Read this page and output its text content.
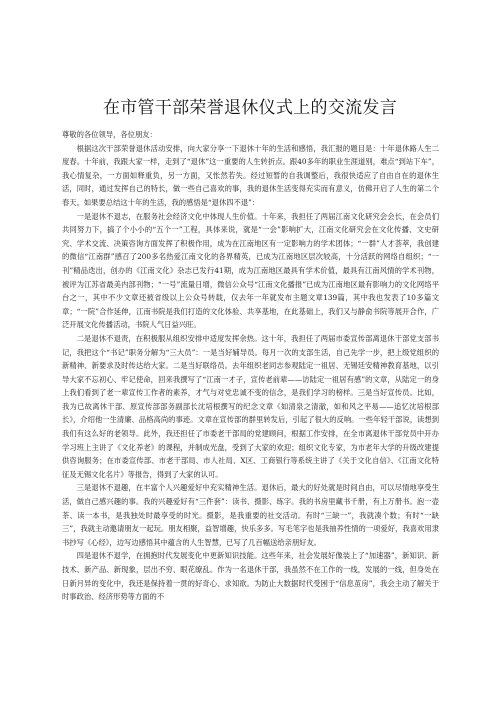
在市管干部荣誉退休仪式上的交流发言

尊敬的各位领导，各位朋友：

根据这次干部荣誉退休活动安排，向大家分享一下退休十年的生活和感悟，我汇报的题目是：十年退休路人生二度春。十年前，我跟大家一样，走到了“退休”这一重要的人生转折点。跟40多年的职业生涯道别，难点“到站下车”，我心情复杂，一方面如释重负，另一方面，又怅然若失。经过短暂的自我调整后，我很快适应了自由自在的退休生活，同时，通过发挥自己的特长，做一些自己喜欢的事，我的退休生活变得充实而有意义，仿佛开启了人生的第二个春天。如果要总结这十年的生活，我的感悟是“退休四不退”：

一是退休不退志，在服务社会经济文化中体现人生价值。十年来，我担任了两届江南文化研究会会长，在会员们共同努力下，搞了个小小的“五个一”工程，具体来说，就是“一会”影响扩大，江南文化研究会在文化传播、文史研究、学术交流、决策咨询方面发挥了积极作用，成为在江南地区有一定影响力的学术团体；“一群”人才荟萃，我创建的微信“江南群”感召了200多名热爱江南文化的各界精英，已成为江南地区层次较高，十分活跃的网络自组织；“一刊”精品迭出，创办的《江南文化》杂志已发行41期，成为江南地区最具有学术价值，最具有江南风情的学术刊物，被评为江苏省最美内部刊物；“一号”流量日增，微信公众号“江南文化播报”已成为江南地区最有影响力的文化网络平台之一，其中不少文章还被省级以上公众号转载，仅去年一年就发布主题文章139篇，其中我也发表了10多篇文章；“一院”合作延伸，江南书院是我们打造的文化体验、共享基地，在此基础上，我们又与静俞书院等展开合作，广泛开展文化传播活动，书院人气日益兴旺。

二是退休不退责，在积极服从组织安排中适度发挥余热。这十年，我担任了两届市委宣传部离退休干部党支部书记，我把这个“书记”职务分解为“三大员”：一是当好辅导员。每月一次的支部生活，自己先学一步，把上级党组织的新精神、新要求及时传达给大家。二是当好联络员。去年组织老同志参观陆定一祖居、无锡廷安精神教育基地，以引导大家不忘初心、牢记使命，回来我撰写了“江南一才子，宣传老前辈——访陆定一祖居有感”的文章，从陆定一的身上我们看到了老一辈宣传工作者的素养，才气与对党忠诚不变的信念，是我们学习的榜样。三是当好宣传员。比如，我为已故离休干部、原宣传部部务副部长沈培根撰写的纪念文章《如清泉之清澈，如和风之平易——追忆沈培根部长》，介绍他一生清廉、品格高尚的事迹。文章在宣传部的群里转发后，引起了很大的反响。一些年轻干部说，读想到我们有这么好的老领导。此外，我还担任了市委老干部局的党建顾问，根据工作安排，在全市离退休干部党员中开办学习班上主讲了《文化养老》的课程，并制成光盘，受到了大家的欢迎；组织文化专家，为市老年大学的升级改建提供咨询服务；在市委宣传部、市老干部局、市人社局、X区、工商银行等系统主讲了《关于文化自信》、《江南文化特征及无锡文化名片》等报告，得到了大家的认可。

三是退休不退趣，在丰富个人兴趣爱好中充实精神生活。退休后，最大的好处就是时间自由，可以尽情地享受生活，做自己感兴趣的事。我的兴趣爱好有“三件套”：读书、摄影、练字。我的书房里藏书千册，有上万册书。泡一壶茶、读一本书，是我独处时最享受的时光。摄影，是我重要的社交活动。有时“三缺一”，我就凑个数；有时“一缺三”，我就主动邀请朋友一起玩。朋友相聚，益智增趣，快乐多多。写毛笔字也是我抽养性情的一项爱好，我喜欢用隶书抄写《心经》，边写边感悟其中蕴含的人生智慧，已写了几百幅送给亲朋好友。

四是退休不退学，在拥抱时代发展变化中更新知识技能。这些年来，社会发展好像装上了“加速器”，新知识、新技术、新产品、新现象，层出不穷、眼花缭乱。作为一名退休干部，我虽然不在工作的一线，发展的一线，但身处在日新月异的变化中，我还是保持着一贯的好奇心、求知欲。为防止大数据时代受困于“信息茧房”，我会主动了解关于时事政治、经济形势等方面的不
